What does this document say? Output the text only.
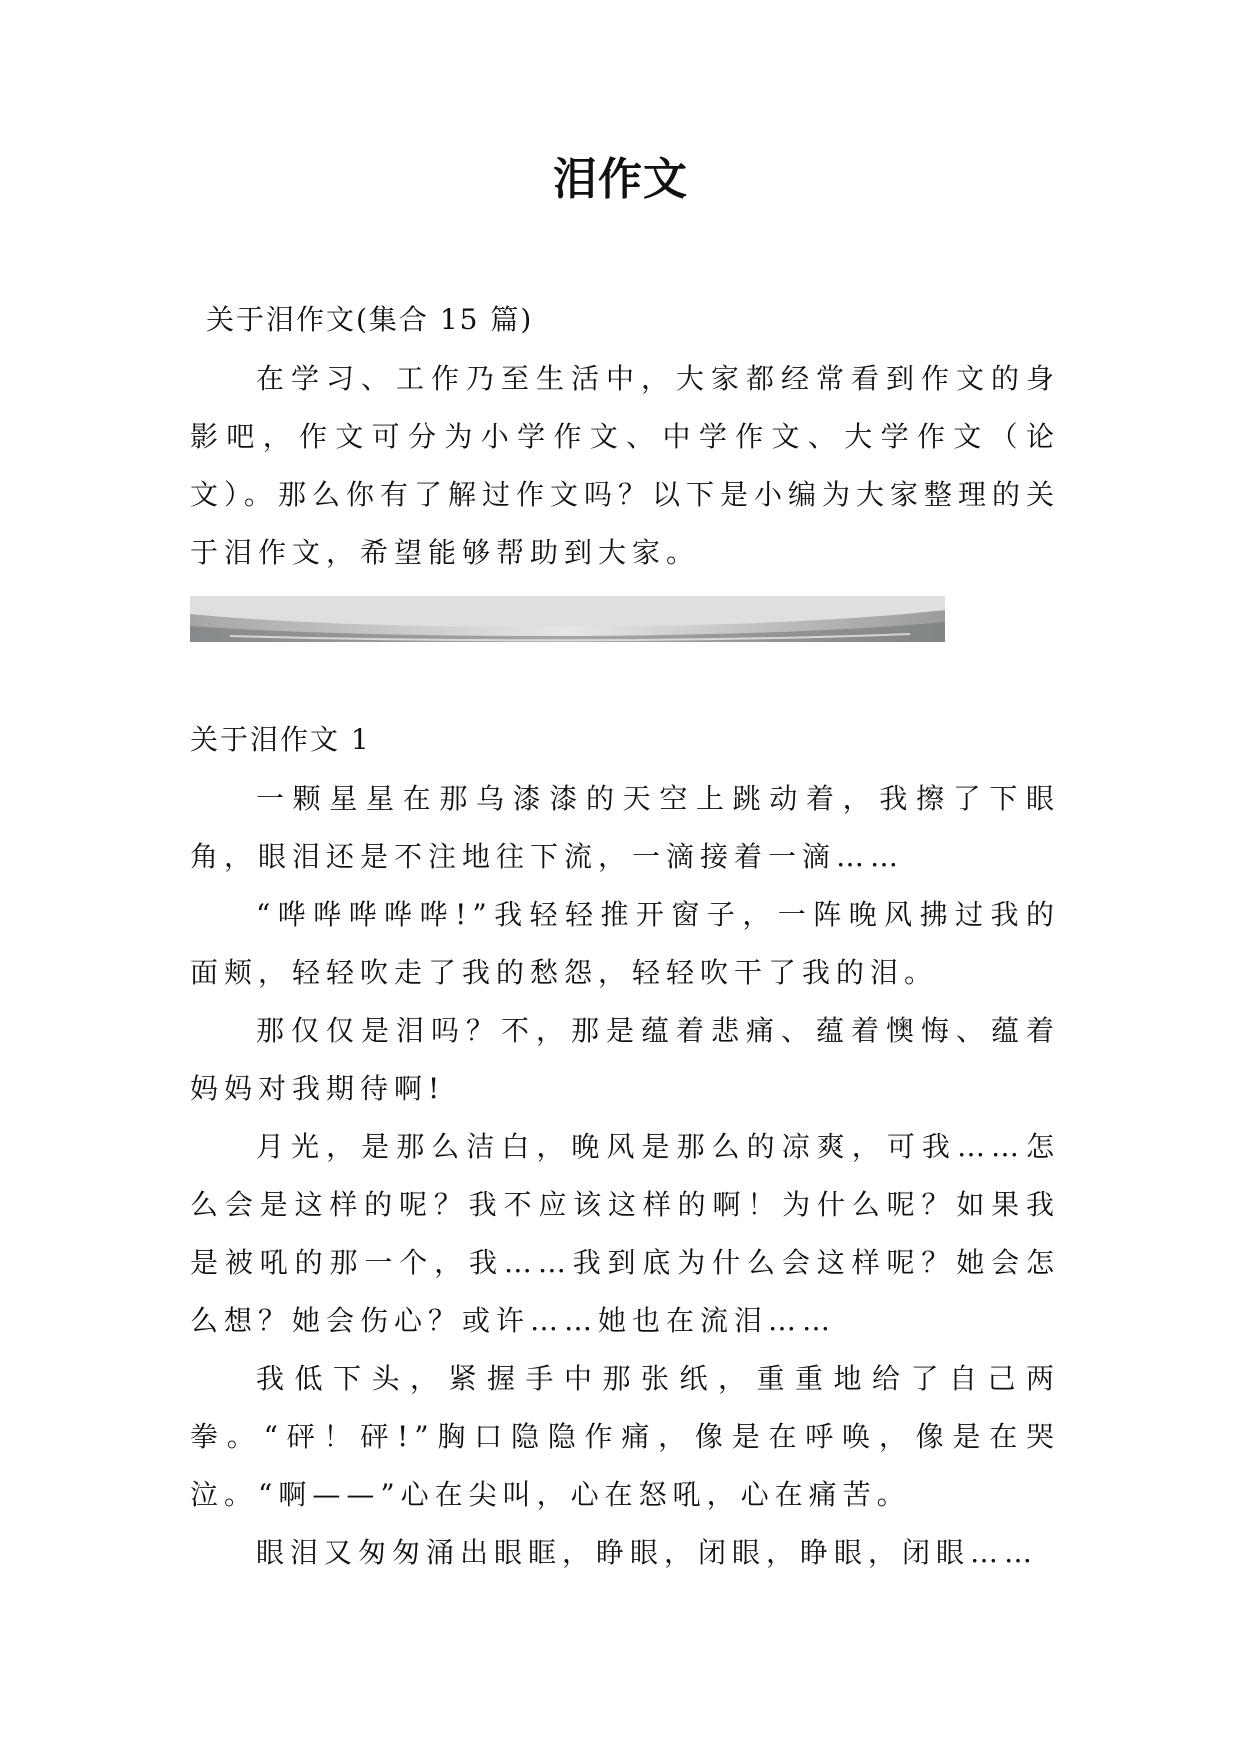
泪作文
关于泪作文(集合 15 篇)

在学习、工作乃至生活中，大家都经常看到作文的身影吧，作文可分为小学作文、中学作文、大学作文（论文）。那么你有了解过作文吗？以下是小编为大家整理的关于泪作文，希望能够帮助到大家。

关于泪作文 1

一颗星星在那乌漆漆的天空上跳动着，我擦了下眼角，眼泪还是不注地往下流，一滴接着一滴……

“哗哗哗哗哗!”我轻轻推开窗子，一阵晚风拂过我的面颊，轻轻吹走了我的愁怨，轻轻吹干了我的泪。

那仅仅是泪吗？不，那是蕴着悲痛、蕴着懊悔、蕴着妈妈对我期待啊!

月光，是那么洁白，晚风是那么的凉爽，可我……怎么会是这样的呢？我不应该这样的啊！为什么呢？如果我是被吼的那一个，我……我到底为什么会这样呢？她会怎么想？她会伤心？或许……她也在流泪……

我低下头，紧握手中那张纸，重重地给了自己两拳。“砰！砰!”胸口隐隐作痛，像是在呼唤，像是在哭泣。“啊——”心在尖叫，心在怒吼，心在痛苦。

眼泪又匆匆涌出眼眶，睁眼，闭眼，睁眼，闭眼……
